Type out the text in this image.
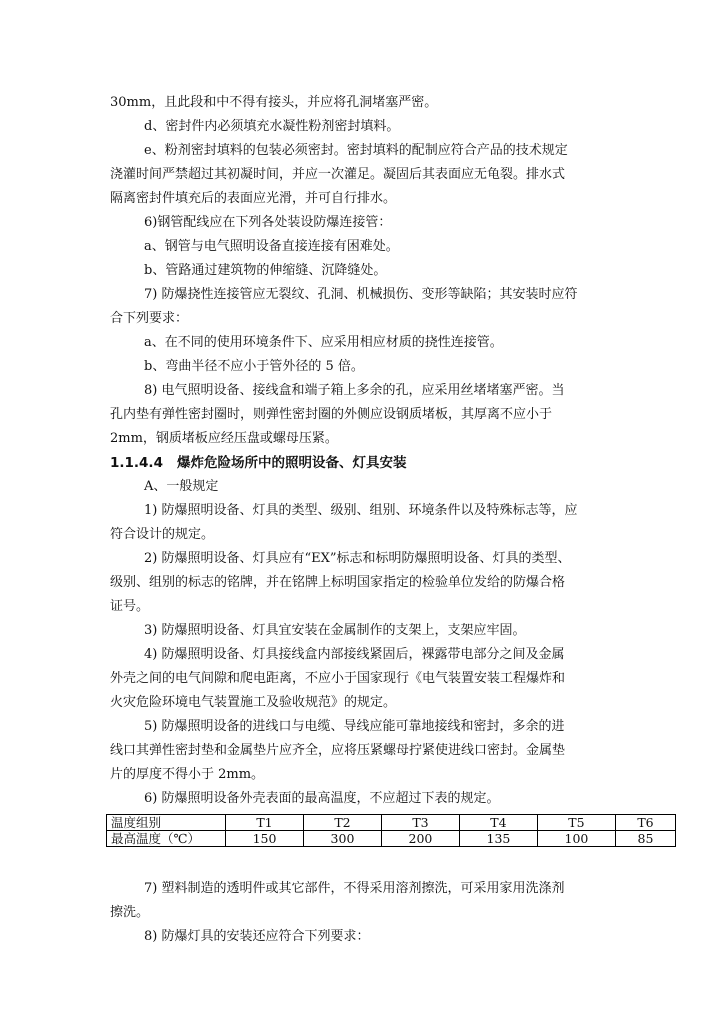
30mm，且此段和中不得有接头，并应将孔洞堵塞严密。

d、密封件内必须填充水凝性粉剂密封填料。

e、粉剂密封填料的包装必须密封。密封填料的配制应符合产品的技术规定

浇灌时间严禁超过其初凝时间，并应一次灌足。凝固后其表面应无龟裂。排水式

隔离密封件填充后的表面应光滑，并可自行排水。

6)钢管配线应在下列各处装设防爆连接管：

a、钢管与电气照明设备直接连接有困难处。

b、管路通过建筑物的伸缩缝、沉降缝处。

7) 防爆挠性连接管应无裂纹、孔洞、机械损伤、变形等缺陷；其安装时应符

合下列要求：

a、在不同的使用环境条件下、应采用相应材质的挠性连接管。

b、弯曲半径不应小于管外径的 5 倍。

8) 电气照明设备、接线盒和端子箱上多余的孔，应采用丝堵堵塞严密。当

孔内垫有弹性密封圈时，则弹性密封圈的外侧应设钢质堵板，其厚离不应小于

2mm，钢质堵板应经压盘或螺母压紧。

1.1.4.4 爆炸危险场所中的照明设备、灯具安装

A、一般规定

1) 防爆照明设备、灯具的类型、级别、组别、环境条件以及特殊标志等，应

符合设计的规定。

2) 防爆照明设备、灯具应有“EX”标志和标明防爆照明设备、灯具的类型、

级别、组别的标志的铭牌，并在铭牌上标明国家指定的检验单位发给的防爆合格

证号。

3) 防爆照明设备、灯具宜安装在金属制作的支架上，支架应牢固。

4) 防爆照明设备、灯具接线盒内部接线紧固后，裸露带电部分之间及金属

外壳之间的电气间隙和爬电距离，不应小于国家现行《电气装置安装工程爆炸和

火灾危险环境电气装置施工及验收规范》的规定。

5) 防爆照明设备的进线口与电缆、导线应能可靠地接线和密封，多余的进

线口其弹性密封垫和金属垫片应齐全，应将压紧螺母拧紧使进线口密封。金属垫

片的厚度不得小于 2mm。

6) 防爆照明设备外壳表面的最高温度，不应超过下表的规定。

温度组别	T1	T2	T3	T4	T5	T6
最高温度（℃）	150	300	200	135	100	85

7) 塑料制造的透明件或其它部件，不得采用溶剂擦洗，可采用家用洗涤剂

擦洗。

8) 防爆灯具的安装还应符合下列要求：
